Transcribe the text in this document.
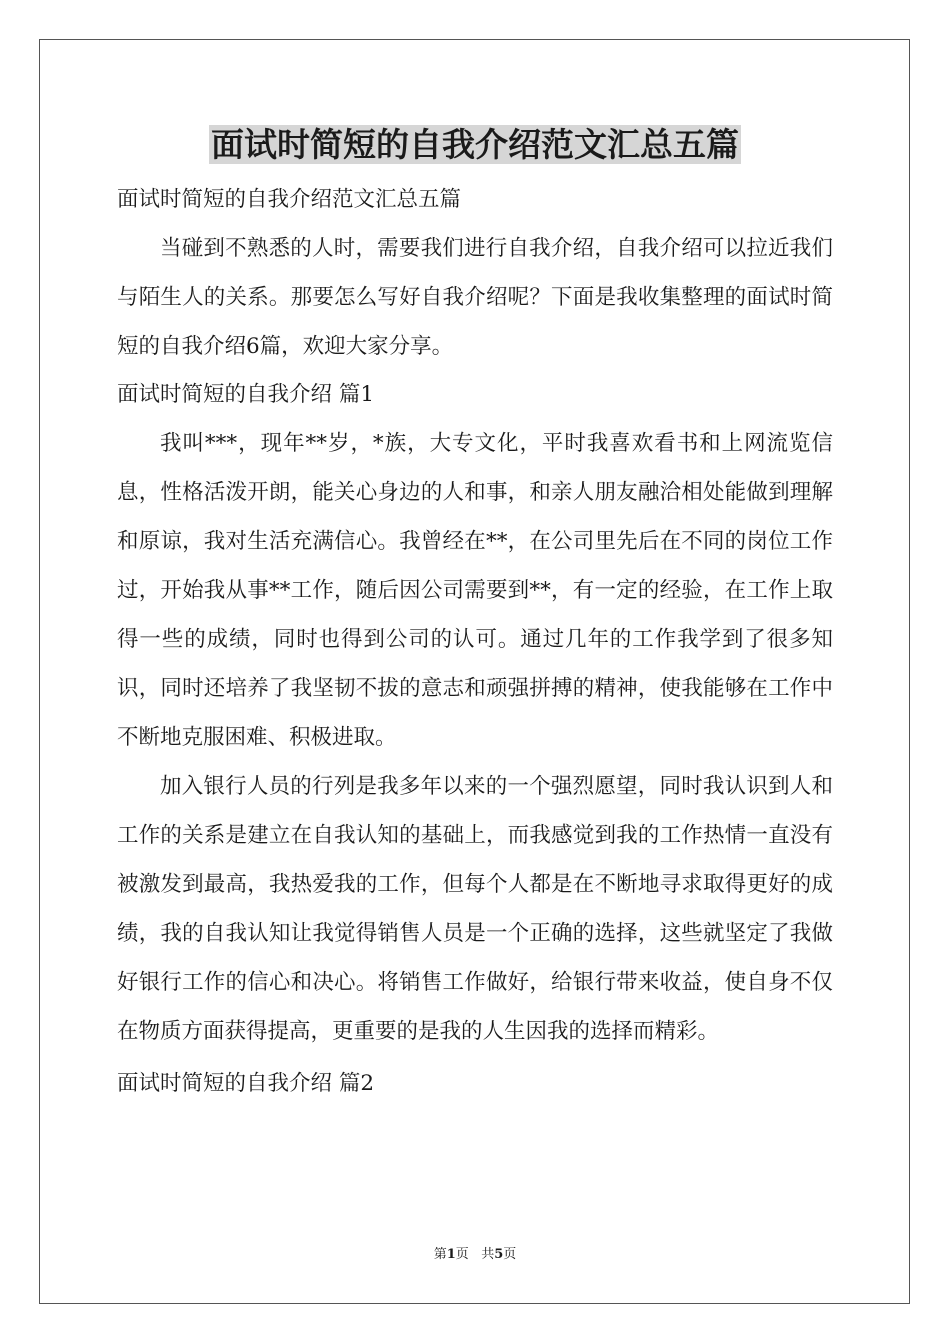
面试时简短的自我介绍范文汇总五篇

面试时简短的自我介绍范文汇总五篇

当碰到不熟悉的人时，需要我们进行自我介绍，自我介绍可以拉近我们与陌生人的关系。那要怎么写好自我介绍呢？下面是我收集整理的面试时简短的自我介绍6篇，欢迎大家分享。

面试时简短的自我介绍 篇1

我叫***，现年**岁，*族，大专文化，平时我喜欢看书和上网流览信息，性格活泼开朗，能关心身边的人和事，和亲人朋友融洽相处能做到理解和原谅，我对生活充满信心。我曾经在**，在公司里先后在不同的岗位工作过，开始我从事**工作，随后因公司需要到**，有一定的经验，在工作上取得一些的成绩，同时也得到公司的认可。通过几年的工作我学到了很多知识，同时还培养了我坚韧不拔的意志和顽强拼搏的精神，使我能够在工作中不断地克服困难、积极进取。

加入银行人员的行列是我多年以来的一个强烈愿望，同时我认识到人和工作的关系是建立在自我认知的基础上，而我感觉到我的工作热情一直没有被激发到最高，我热爱我的工作，但每个人都是在不断地寻求取得更好的成绩，我的自我认知让我觉得销售人员是一个正确的选择，这些就坚定了我做好银行工作的信心和决心。将销售工作做好，给银行带来收益，使自身不仅在物质方面获得提高，更重要的是我的人生因我的选择而精彩。

面试时简短的自我介绍 篇2

第1页 共5页
